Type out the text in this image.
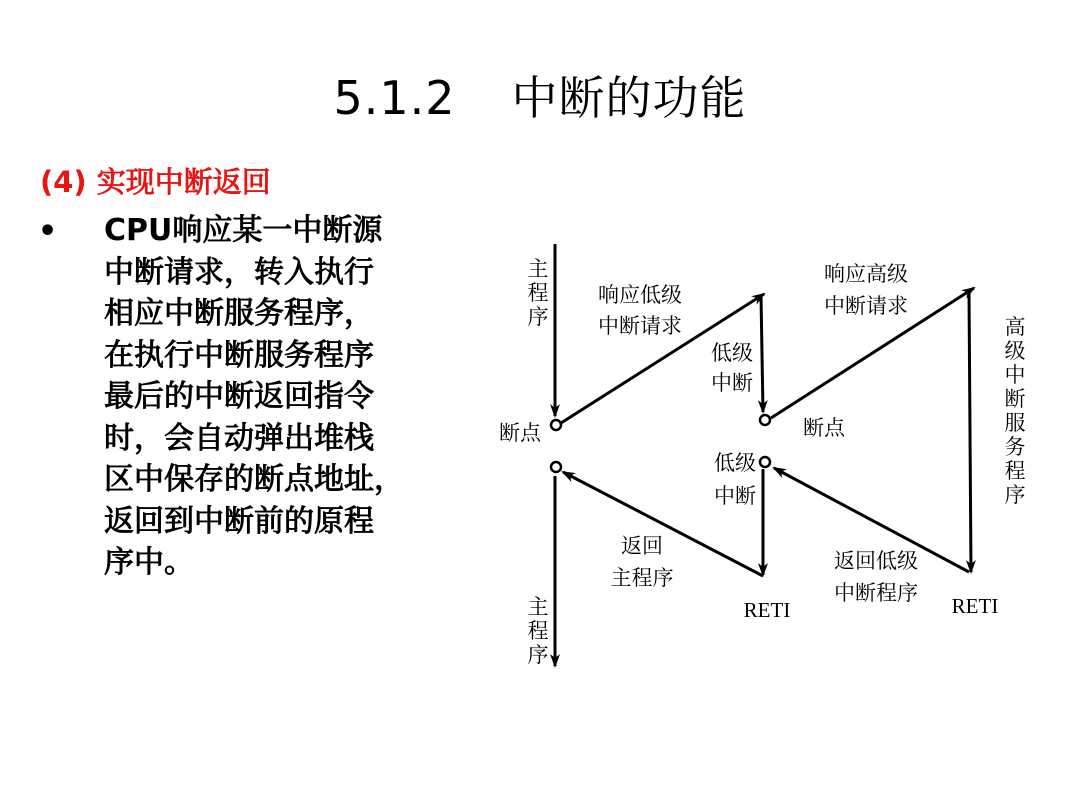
5.1.2 中断的功能
(4) 实现中断返回
• CPU响应某一中断源
中断请求，转入执行
相应中断服务程序，
在执行中断服务程序
最后的中断返回指令
时，会自动弹出堆栈
区中保存的断点地址，
返回到中断前的原程
序中。

主
程
序
响应低级
中断请求
响应高级
中断请求
高
级
中
断
服
务
程
序
低级
中断
断点	断点
低级
中断
返回
主程序
返回低级
中断程序
RETI	RETI
主
程
序
